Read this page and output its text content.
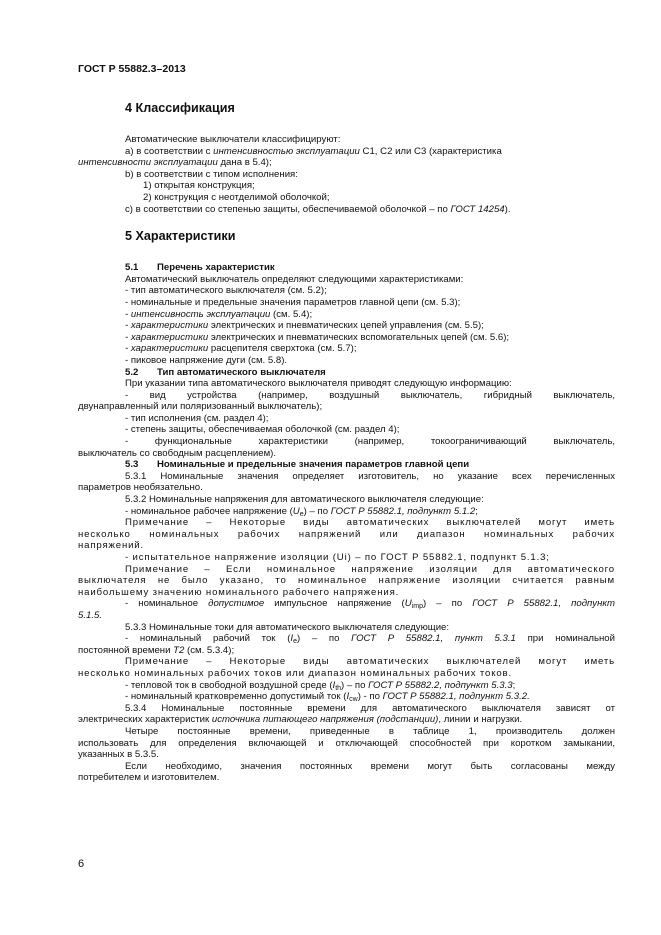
ГОСТ Р 55882.3–2013
4 Классификация

Автоматические выключатели классифицируют:

a) в соответствии с интенсивностью эксплуатации С1, С2 или С3 (характеристика

интенсивности эксплуатации дана в 5.4);

b) в соответствии с типом исполнения:

1) открытая конструкция;

2) конструкция с неотделимой оболочкой;

c) в соответствии со степенью защиты, обеспечиваемой оболочкой – по ГОСТ 14254).

5 Характеристики

5.1 Перечень характеристик

Автоматический выключатель определяют следующими характеристиками:

- тип автоматического выключателя (см. 5.2);

- номинальные и предельные значения параметров главной цепи (см. 5.3);

- интенсивность эксплуатации (см. 5.4);

- характеристики электрических и пневматических цепей управления (см. 5.5);

- характеристики электрических и пневматических вспомогательных цепей (см. 5.6);

- характеристики расцепителя сверхтока (см. 5.7);

- пиковое напряжение дуги (см. 5.8).

5.2 Тип автоматического выключателя

При указании типа автоматического выключателя приводят следующую информацию:

- вид устройства (например, воздушный выключатель, гибридный выключатель,

двунаправленный или поляризованный выключатель);

- тип исполнения (см. раздел 4);

- степень защиты, обеспечиваемая оболочкой (см. раздел 4);

- функциональные характеристики (например, токоограничивающий выключатель,

выключатель со свободным расцеплением).

5.3 Номинальные и предельные значения параметров главной цепи

5.3.1 Номинальные значения определяет изготовитель, но указание всех перечисленных

параметров необязательно.

5.3.2 Номинальные напряжения для автоматического выключателя следующие:

- номинальное рабочее напряжение $(U_e)$ – по ГОСТ Р 55882.1, подпункт 5.1.2;

Примечание – Некоторые виды автоматических выключателей могут иметь

несколько номинальных рабочих напряжений или диапазон номинальных рабочих

напряжений.

- испытательное напряжение изоляции (Ui) – по ГОСТ Р 55882.1, подпункт 5.1.3;

Примечание – Если номинальное напряжение изоляции для автоматического

выключателя не было указано, то номинальное напряжение изоляции считается равным

наибольшему значению номинального рабочего напряжения.

- номинальное допустимое импульсное напряжение $(U_{imp})$ – по ГОСТ Р 55882.1, подпункт

5.1.5.

5.3.3 Номинальные токи для автоматического выключателя следующие:

- номинальный рабочий ток $(I_e)$ – по ГОСТ Р 55882.1, пункт 5.3.1 при номинальной

постоянной времени Т2 (см. 5.3.4);

Примечание – Некоторые виды автоматических выключателей могут иметь

несколько номинальных рабочих токов или диапазон номинальных рабочих токов.

- тепловой ток в свободной воздушной среде $(I_{th})$ – по ГОСТ Р 55882.2, подпункт 5.3.3;

- номинальный кратковременно допустимый ток $(I_{cw})$ - по ГОСТ Р 55882.1, подпункт 5.3.2.

5.3.4 Номинальные постоянные времени для автоматического выключателя зависят от

электрических характеристик источника питающего напряжения (подстанции), линии и нагрузки.

Четыре постоянные времени, приведенные в таблице 1, производитель должен

использовать для определения включающей и отключающей способностей при коротком замыкании,

указанных в 5.3.5.

Если необходимо, значения постоянных времени могут быть согласованы между

потребителем и изготовителем.

6
